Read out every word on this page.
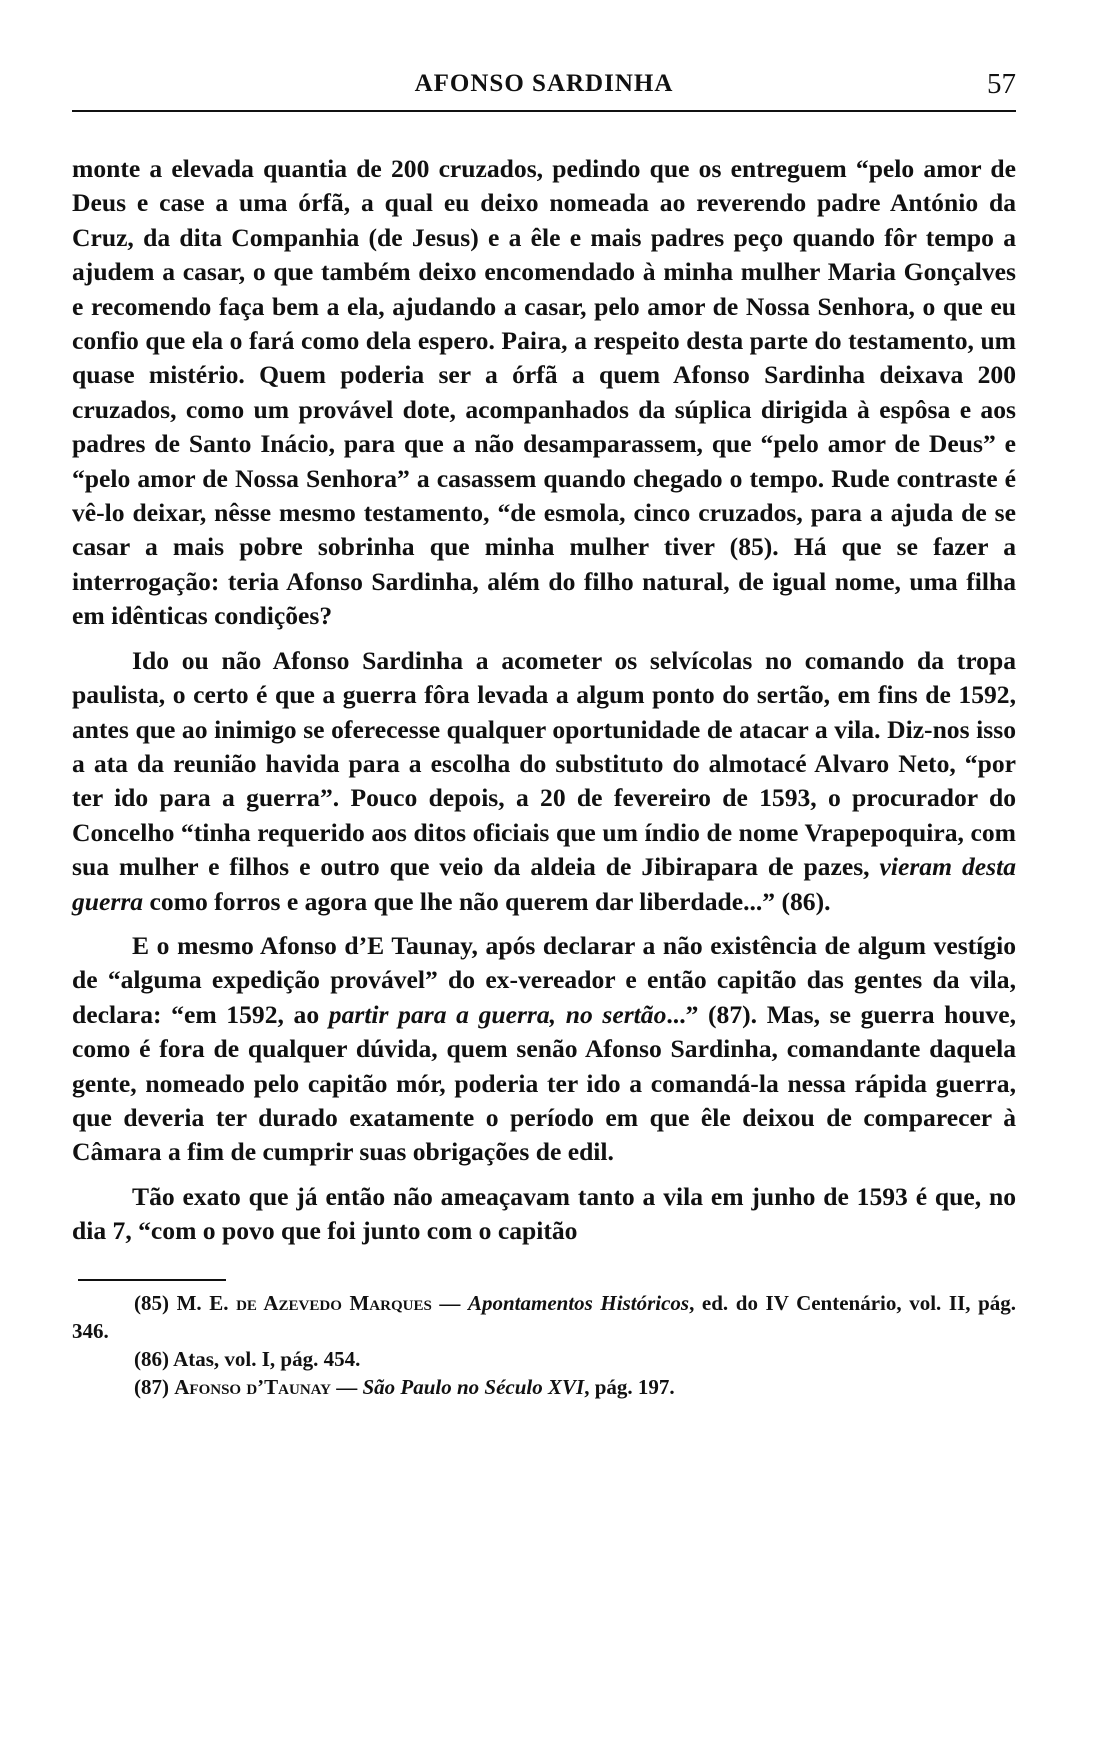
AFONSO SARDINHA	57

monte a elevada quantia de 200 cruzados, pedindo que os entreguem “pelo amor de Deus e case a uma órfã, a qual eu deixo nomeada ao reverendo padre António da Cruz, da dita Companhia (de Jesus) e a êle e mais padres peço quando fôr tempo a ajudem a casar, o que também deixo encomendado à minha mulher Maria Gonçalves e recomendo faça bem a ela, ajudando a casar, pelo amor de Nossa Senhora, o que eu confio que ela o fará como dela espero. Paira, a respeito desta parte do testamento, um quase mistério. Quem poderia ser a órfã a quem Afonso Sardinha deixava 200 cruzados, como um provável dote, acompanhados da súplica dirigida à espôsa e aos padres de Santo Inácio, para que a não desamparassem, que “pelo amor de Deus” e “pelo amor de Nossa Senhora” a casassem quando chegado o tempo. Rude contraste é vê-lo deixar, nêsse mesmo testamento, “de esmola, cinco cruzados, para a ajuda de se casar a mais pobre sobrinha que minha mulher tiver (85). Há que se fazer a interrogação: teria Afonso Sardinha, além do filho natural, de igual nome, uma filha em idênticas condições?

Ido ou não Afonso Sardinha a acometer os selvícolas no comando da tropa paulista, o certo é que a guerra fôra levada a algum ponto do sertão, em fins de 1592, antes que ao inimigo se oferecesse qualquer oportunidade de atacar a vila. Diz-nos isso a ata da reunião havida para a escolha do substituto do almotacé Alvaro Neto, “por ter ido para a guerra”. Pouco depois, a 20 de fevereiro de 1593, o procurador do Concelho “tinha requerido aos ditos oficiais que um índio de nome Vrapepoquira, com sua mulher e filhos e outro que veio da aldeia de Jibirapara de pazes, vieram desta guerra como forros e agora que lhe não querem dar liberdade...” (86).

E o mesmo Afonso d’E Taunay, após declarar a não existência de algum vestígio de “alguma expedição provável” do ex-vereador e então capitão das gentes da vila, declara: “em 1592, ao partir para a guerra, no sertão...” (87). Mas, se guerra houve, como é fora de qualquer dúvida, quem senão Afonso Sardinha, comandante daquela gente, nomeado pelo capitão mór, poderia ter ido a comandá-la nessa rápida guerra, que deveria ter durado exatamente o período em que êle deixou de comparecer à Câmara a fim de cumprir suas obrigações de edil.

Tão exato que já então não ameaçavam tanto a vila em junho de 1593 é que, no dia 7, “com o povo que foi junto com o capitão

(85) M. E. de Azevedo Marques — Apontamentos Históricos, ed. do IV Centenário, vol. II, pág. 346.

(86) Atas, vol. I, pág. 454.

(87) Afonso d’Taunay — São Paulo no Século XVI, pág. 197.
